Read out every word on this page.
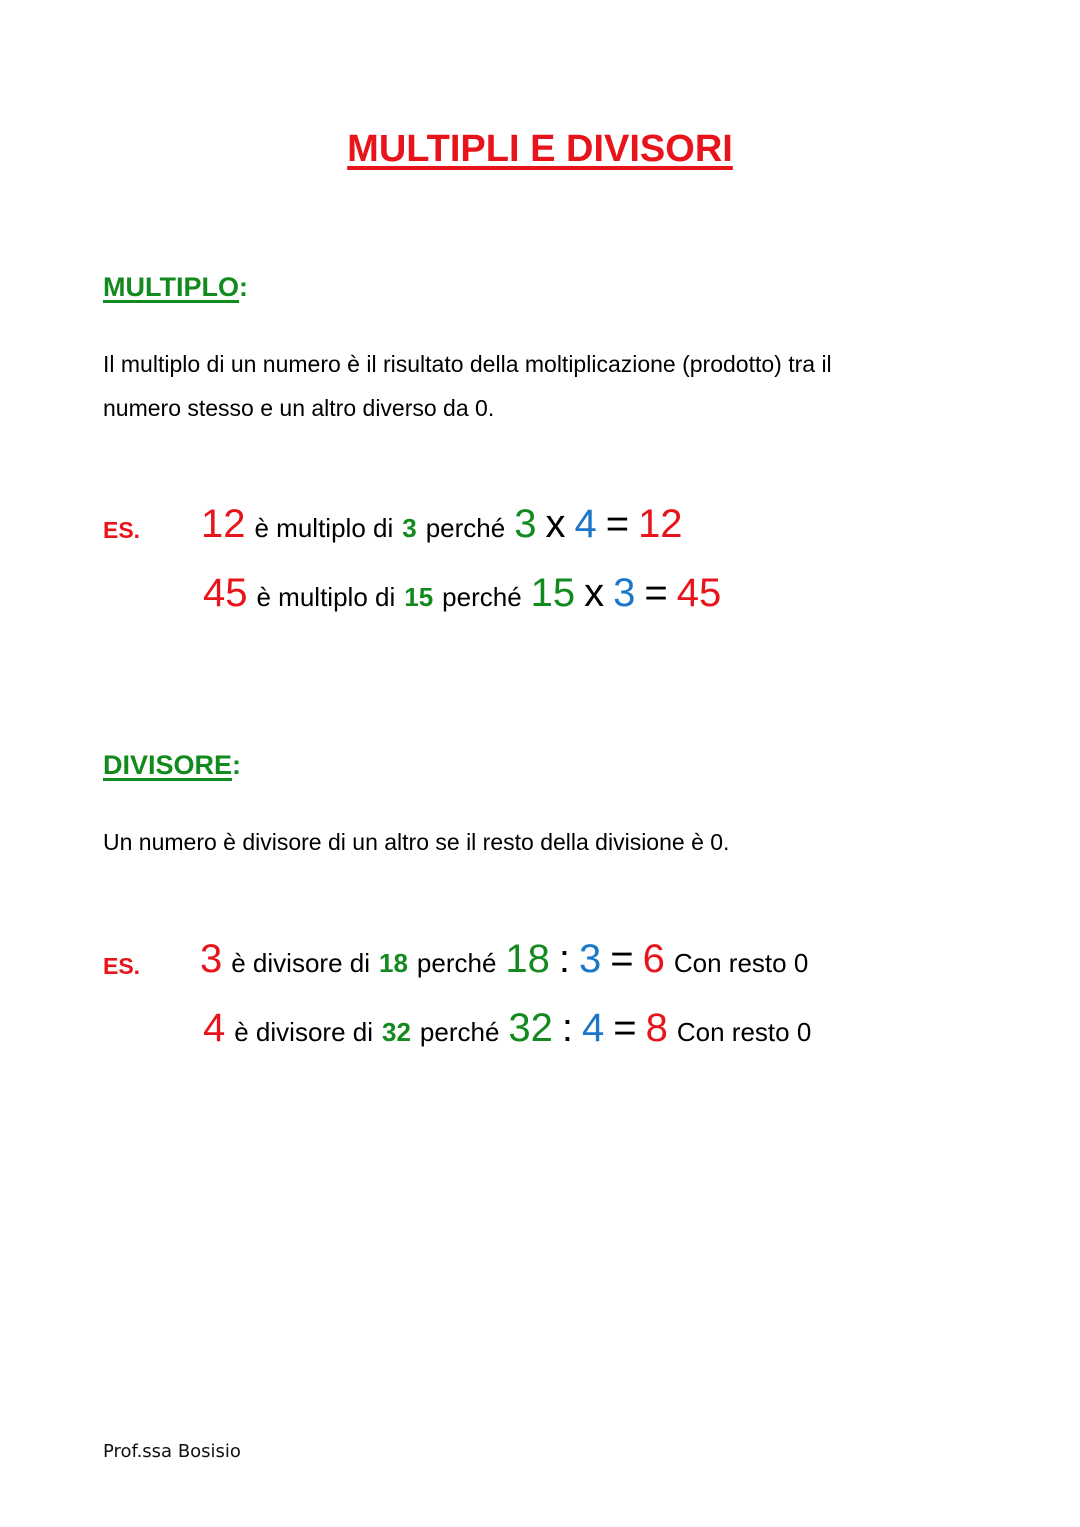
MULTIPLI E DIVISORI
MULTIPLO:
Il multiplo di un numero è il risultato della moltiplicazione (prodotto) tra il
numero stesso e un altro diverso da 0.
ES. 12 è multiplo di 3 perché 3 x 4 = 12
45 è multiplo di 15 perché 15 x 3 = 45
DIVISORE:
Un numero è divisore di un altro se il resto della divisione è 0.
ES. 3 è divisore di 18 perché 18 : 3 = 6 Con resto 0
4 è divisore di 32 perché 32 : 4 = 8 Con resto 0
Prof.ssa Bosisio
